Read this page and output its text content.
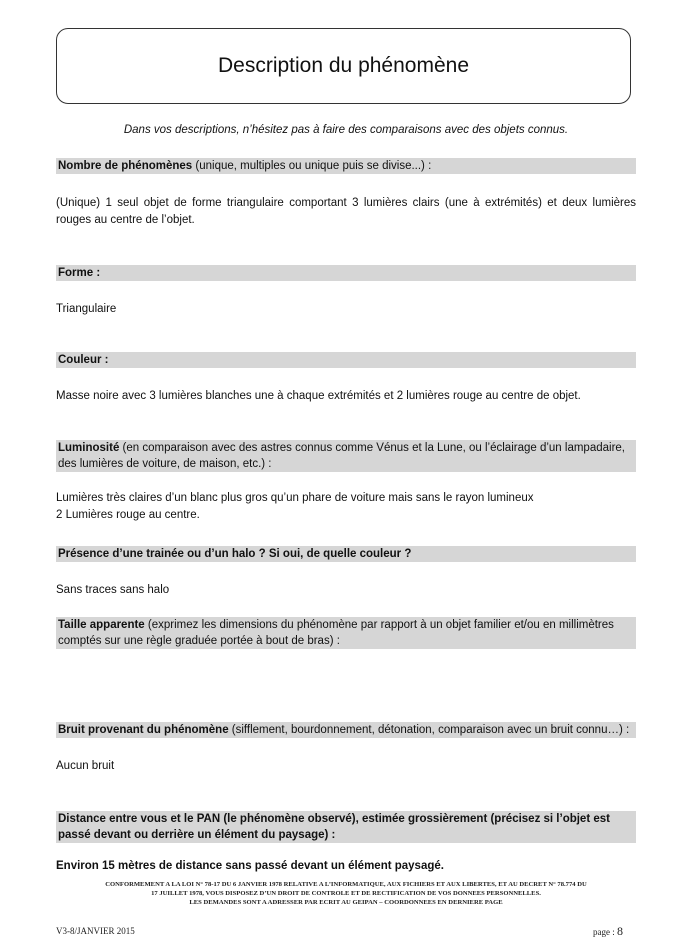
Description du phénomène
Dans vos descriptions, n’hésitez pas à faire des comparaisons avec des objets connus.
Nombre de phénomènes (unique, multiples ou unique puis se divise...) :
(Unique) 1 seul objet de forme triangulaire comportant 3 lumières clairs (une à extrémités) et deux lumières rouges au centre de l’objet.
Forme :
Triangulaire
Couleur :
Masse noire avec 3 lumières blanches une à chaque extrémités et 2 lumières rouge au centre de objet.
Luminosité (en comparaison avec des astres connus comme Vénus et la Lune, ou l’éclairage d’un lampadaire, des lumières de voiture, de maison, etc.) :
Lumières très claires d’un blanc plus gros qu’un phare de voiture mais sans le rayon lumineux
2 Lumières rouge au centre.
Présence d’une trainée ou d’un halo ? Si oui, de quelle couleur ?
Sans traces sans halo
Taille apparente (exprimez les dimensions du phénomène par rapport à un objet familier et/ou en millimètres comptés sur une règle graduée portée à bout de bras) :
Bruit provenant du phénomène (sifflement, bourdonnement, détonation, comparaison avec un bruit connu…) :
Aucun bruit
Distance entre vous et le PAN (le phénomène observé), estimée grossièrement (précisez si l’objet est passé devant ou derrière un élément du paysage) :
Environ 15 mètres de distance sans passé devant un élément paysagé.
CONFORMEMENT A LA LOI N° 78-17 DU 6 JANVIER 1978 RELATIVE A L’INFORMATIQUE, AUX FICHIERS ET AUX LIBERTES, ET AU DECRET N° 78.774 DU
17 JUILLET 1978, VOUS DISPOSEZ D’UN DROIT DE CONTROLE ET DE RECTIFICATION DE VOS DONNEES PERSONNELLES.
LES DEMANDES SONT A ADRESSER PAR ECRIT AU GEIPAN – COORDONNEES EN DERNIERE PAGE
V3-8/JANVIER 2015	page : 8
